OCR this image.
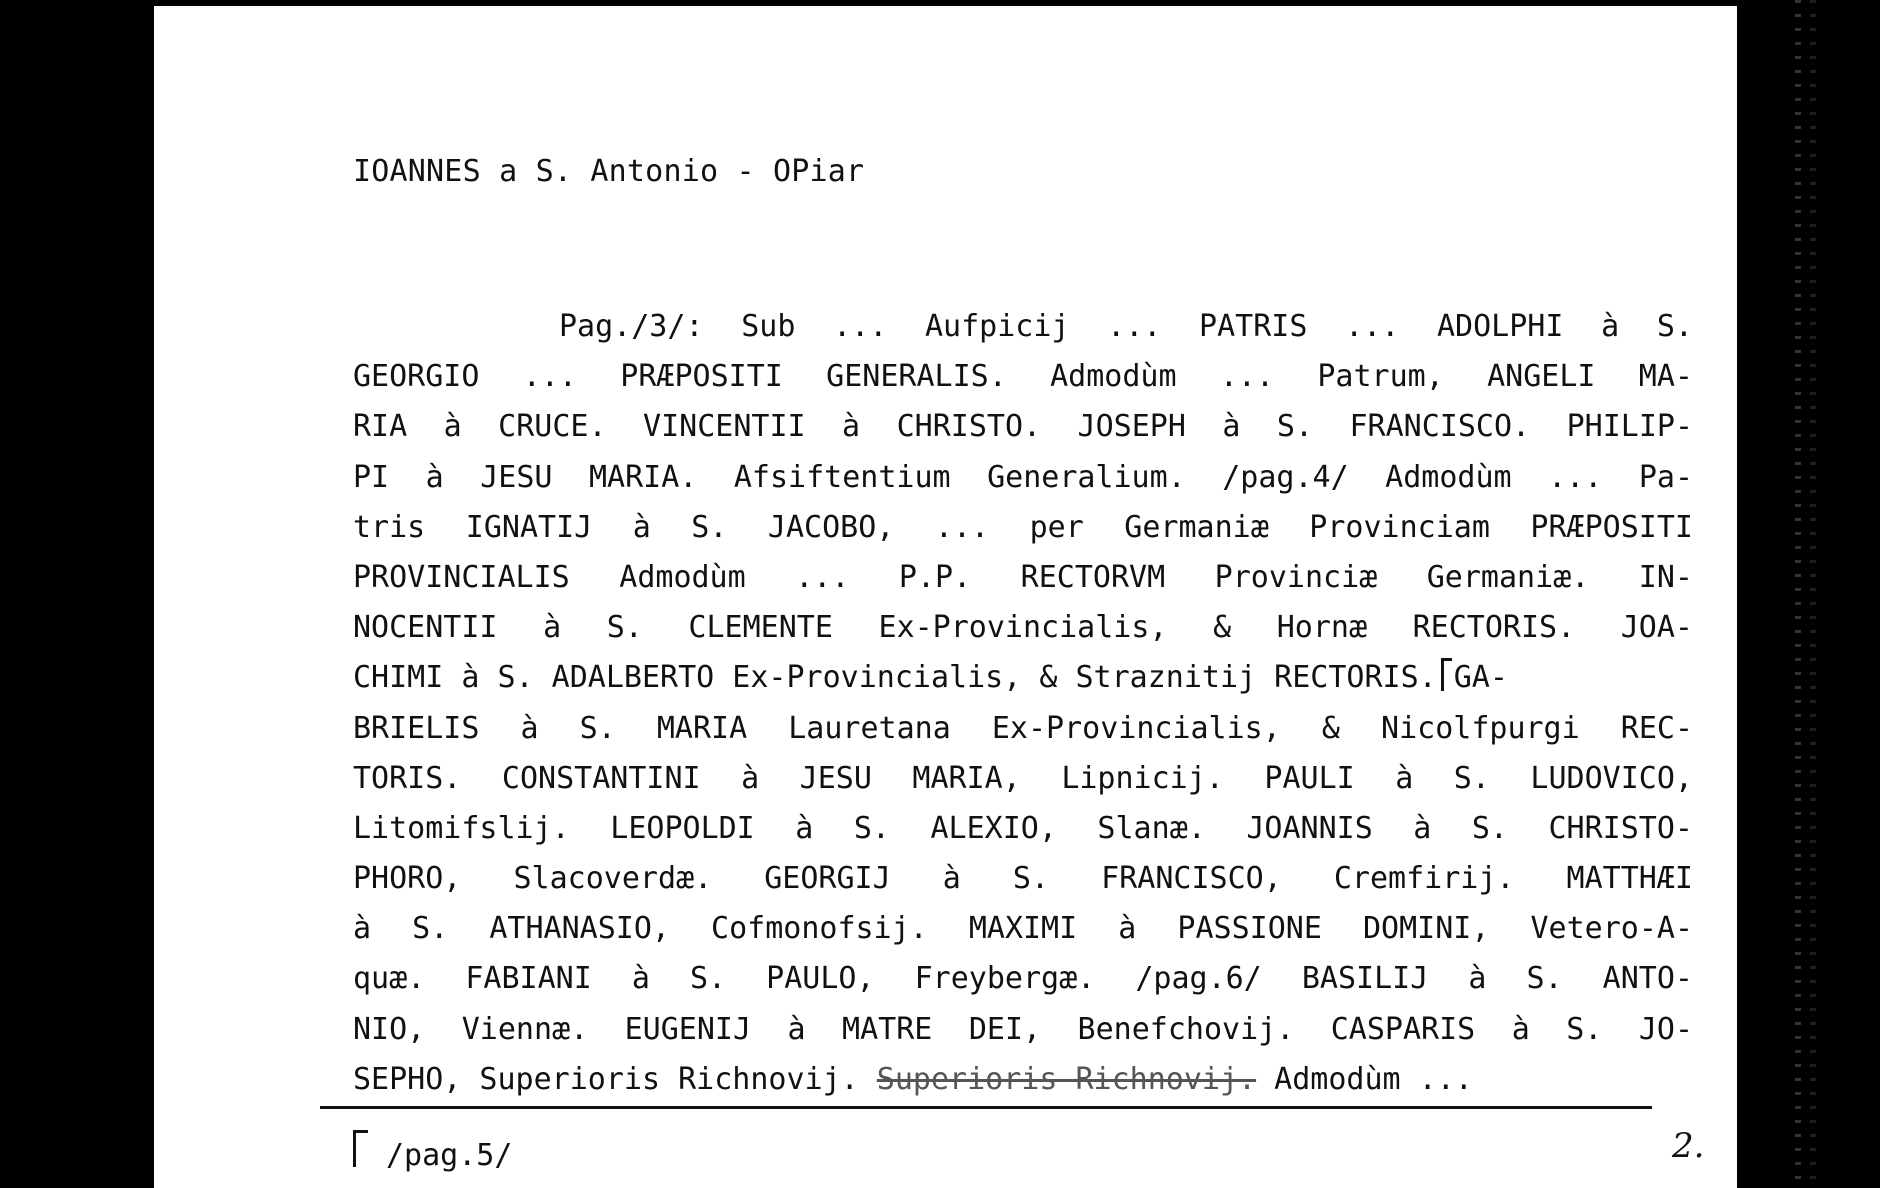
IOANNES a S. Antonio - OPiar
Pag./3/: Sub ... Aufpicij ... PATRIS ... ADOLPHI à S.
GEORGIO ... PRÆPOSITI GENERALIS. Admodùm ... Patrum, ANGELI MA-
RIA à CRUCE. VINCENTII à CHRISTO. JOSEPH à S. FRANCISCO. PHILIP-
PI à JESU MARIA. Afsiftentium Generalium. /pag.4/ Admodùm ... Pa-
tris IGNATIJ à S. JACOBO, ... per Germaniæ Provinciam PRÆPOSITI
PROVINCIALIS Admodùm ... P.P. RECTORVM Provinciæ Germaniæ. IN-
NOCENTII à S. CLEMENTE Ex-Provincialis, & Hornæ RECTORIS. JOA-
CHIMI à S. ADALBERTO Ex-Provincialis, & Straznitij RECTORIS. GA-
BRIELIS à S. MARIA Lauretana Ex-Provincialis, & Nicolfpurgi REC-
TORIS. CONSTANTINI à JESU MARIA, Lipnicij. PAULI à S. LUDOVICO,
Litomifslij. LEOPOLDI à S. ALEXIO, Slanæ. JOANNIS à S. CHRISTO-
PHORO, Slacoverdæ. GEORGIJ à S. FRANCISCO, Cremfirij. MATTHÆI
à S. ATHANASIO, Cofmonofsij. MAXIMI à PASSIONE DOMINI, Vetero-A-
quæ. FABIANI à S. PAULO, Freybergæ. /pag.6/ BASILIJ à S. ANTO-
NIO, Viennæ. EUGENIJ à MATRE DEI, Benefchovij. CASPARIS à S. JO-
SEPHO, Superioris Richnovij. Superioris Richnovij. Admodùm ...
/pag.5/	2.
